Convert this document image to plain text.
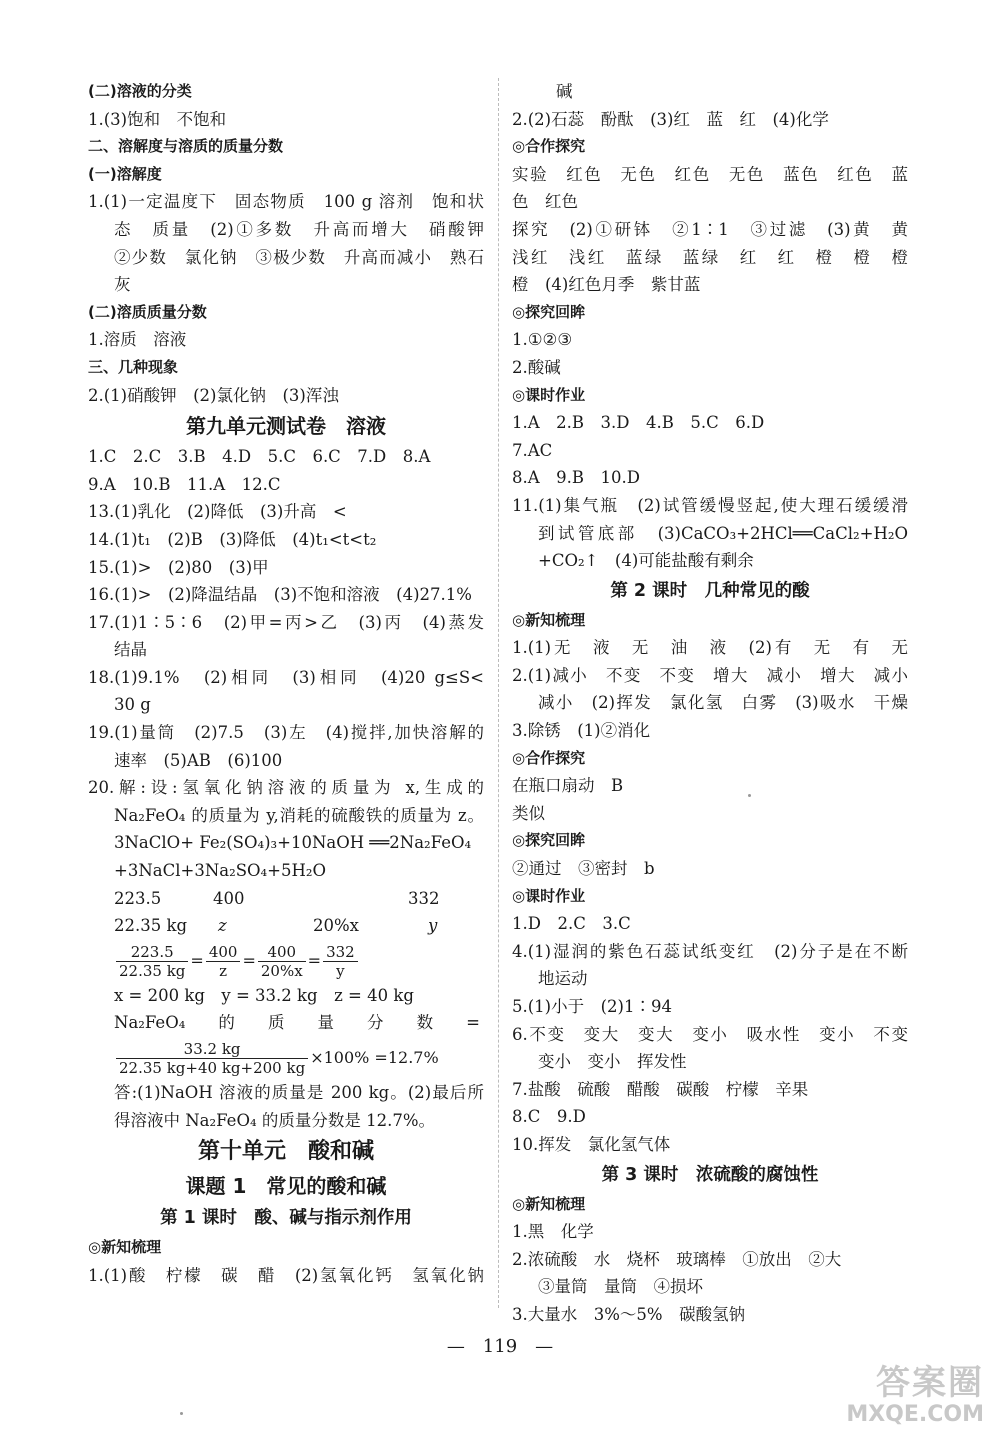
(二)溶液的分类

1.(3)饱和　不饱和

二、溶解度与溶质的质量分数

(一)溶解度

1.(1)一定温度下　固态物质　100 g 溶剂　饱和状

态　质量　(2)①多数　升高而增大　硝酸钾

②少数　氯化钠　③极少数　升高而减小　熟石

灰

(二)溶质质量分数

1.溶质　溶液

三、几种现象

2.(1)硝酸钾　(2)氯化钠　(3)浑浊

第九单元测试卷　溶液

1.C　2.C　3.B　4.D　5.C　6.C　7.D　8.A

9.A　10.B　11.A　12.C

13.(1)乳化　(2)降低　(3)升高　<

14.(1)t₁　(2)B　(3)降低　(4)t₁<t<t₂

15.(1)>　(2)80　(3)甲

16.(1)>　(2)降温结晶　(3)不饱和溶液　(4)27.1%

17.(1)1∶5∶6　(2)甲=丙>乙　(3)丙　(4)蒸发

结晶

18.(1)9.1%　(2)相同　(3)相同　(4)20 g≤S<

30 g

19.(1)量筒　(2)7.5　(3)左　(4)搅拌,加快溶解的

速率　(5)AB　(6)100

20.解:设:氢氧化钠溶液的质量为 x,生成的

Na₂FeO₄ 的质量为 y,消耗的硫酸铁的质量为 z。

3NaClO+ Fe₂(SO₄)₃+10NaOH ══2Na₂FeO₄

+3NaCl+3Na₂SO₄+5H₂O

223.5	400	332

22.35 kg z	20%x	y

$\frac{223.5}{22.35 kg} = \frac{400}{z} = \frac{400}{20\%x} = \frac{332}{y}$

x = 200 kg　y = 33.2 kg　z = 40 kg

Na₂FeO₄ 的 质 量 分 数 =
$\frac{33.2 kg}{22.35 kg+40 kg+200 kg} \times 100\% =12.7\%$

答:(1)NaOH 溶液的质量是 200 kg。(2)最后所

得溶液中 Na₂FeO₄ 的质量分数是 12.7%。

第十单元　酸和碱
课题 1　常见的酸和碱
第 1 课时　酸、碱与指示剂作用

◎新知梳理

1.(1)酸　柠檬　碳　醋　(2)氢氧化钙　氢氧化钠

碱

2.(2)石蕊　酚酞　(3)红　蓝　红　(4)化学

◎合作探究

实验　红色　无色　红色　无色　蓝色　红色　蓝

色　红色

探究　(2)①研钵　②1∶1　③过滤　(3)黄　黄

浅红　浅红　蓝绿　蓝绿　红　红　橙　橙　橙

橙　(4)红色月季　紫甘蓝

◎探究回眸

1.①②③

2.酸碱

◎课时作业

1.A　2.B　3.D　4.B　5.C　6.D

7.AC

8.A　9.B　10.D

11.(1)集气瓶　(2)试管缓慢竖起,使大理石缓缓滑

到试管底部　(3)CaCO₃+2HCl══CaCl₂+H₂O

+CO₂↑　(4)可能盐酸有剩余

第 2 课时　几种常见的酸

◎新知梳理

1.(1)无　液　无　油　液　(2)有　无　有　无

2.(1)减小　不变　不变　增大　减小　增大　减小

减小　(2)挥发　氯化氢　白雾　(3)吸水　干燥

3.除锈　(1)②消化

◎合作探究

在瓶口扇动　B

类似

◎探究回眸

②通过　③密封　b

◎课时作业

1.D　2.C　3.C

4.(1)湿润的紫色石蕊试纸变红　(2)分子是在不断

地运动

5.(1)小于　(2)1∶94

6.不变　变大　变大　变小　吸水性　变小　不变

变小　变小　挥发性

7.盐酸　硫酸　醋酸　碳酸　柠檬　辛果

8.C　9.D

10.挥发　氯化氢气体

第 3 课时　浓硫酸的腐蚀性

◎新知梳理

1.黑　化学

2.浓硫酸　水　烧杯　玻璃棒　①放出　②大

③量筒　量筒　④损坏

3.大量水　3%～5%　碳酸氢钠

—　119　—
答案圈
MXQE.COM
